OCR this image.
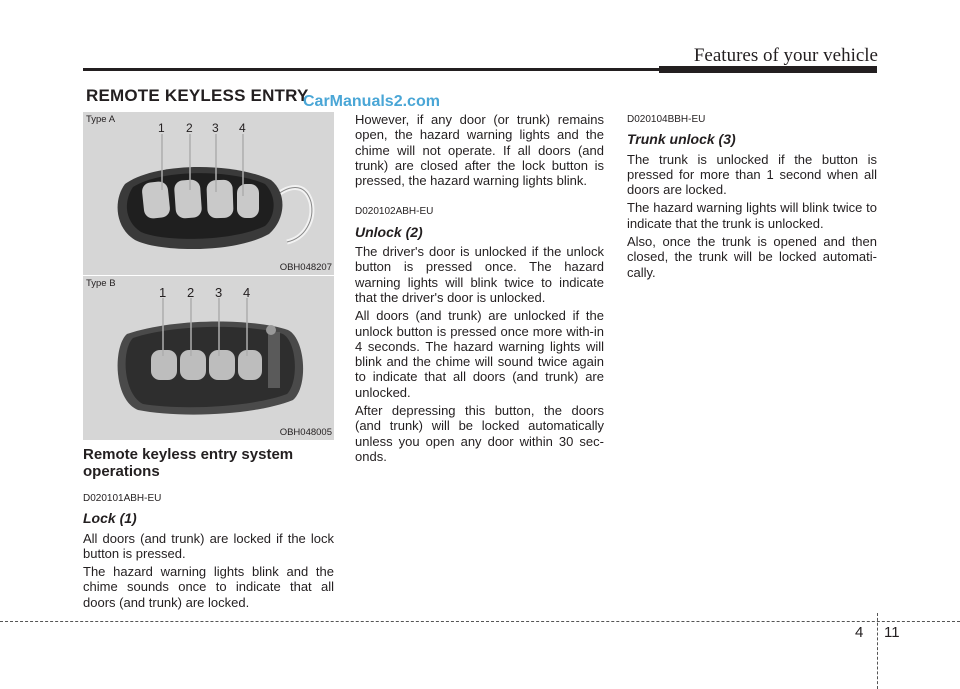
Features of your vehicle
REMOTE KEYLESS ENTRY
CarManuals2.com
Type A
1 2 3 4
OBH048207
Type B
1 2 3 4
OBH048005
Remote keyless entry system operations
D020101ABH-EU
Lock (1)

All doors (and trunk) are locked if the lock button is pressed.

The hazard warning lights blink and the chime sounds once to indicate that all doors (and trunk) are locked.

However, if any door (or trunk) remains open, the hazard warning lights and the chime will not operate. If all doors (and trunk) are closed after the lock button is pressed, the hazard warning lights blink.

D020102ABH-EU
Unlock (2)

The driver's door is unlocked if the unlock button is pressed once. The hazard warning lights will blink twice to indicate that the driver's door is unlocked.

All doors (and trunk) are unlocked if the unlock button is pressed once more with-in 4 seconds. The hazard warning lights will blink and the chime will sound twice again to indicate that all doors (and trunk) are unlocked.

After depressing this button, the doors (and trunk) will be locked automatically unless you open any door within 30 sec-onds.

D020104BBH-EU
Trunk unlock (3)

The trunk is unlocked if the button is pressed for more than 1 second when all doors are locked.

The hazard warning lights will blink twice to indicate that the trunk is unlocked.

Also, once the trunk is opened and then closed, the trunk will be locked automati-cally.

4 11
